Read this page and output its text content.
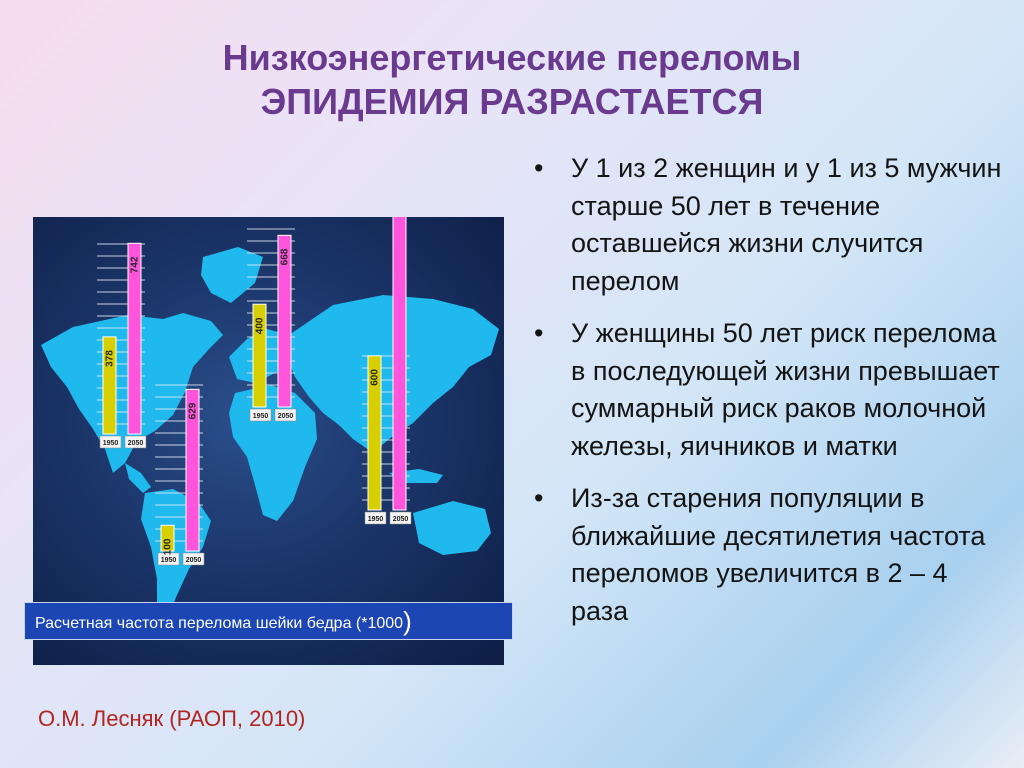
Низкоэнергетические переломы
ЭПИДЕМИЯ РАЗРАСТАЕТСЯ
• У 1 из 2 женщин и у 1 из 5 мужчин старше 50 лет в течение оставшейся жизни случится перелом
• У женщины 50 лет риск перелома в последующей жизни превышает суммарный риск раков молочной железы, яичников и матки
• Из-за старения популяции в ближайшие десятилетия частота переломов увеличится в 2 – 4 раза
1950
378
2050
742
1950
100
2050
629	1950
400
2050
668
1950
600
2050
Расчетная частота перелома шейки бедра (*1000)
О.М. Лесняк (РАОП, 2010)
